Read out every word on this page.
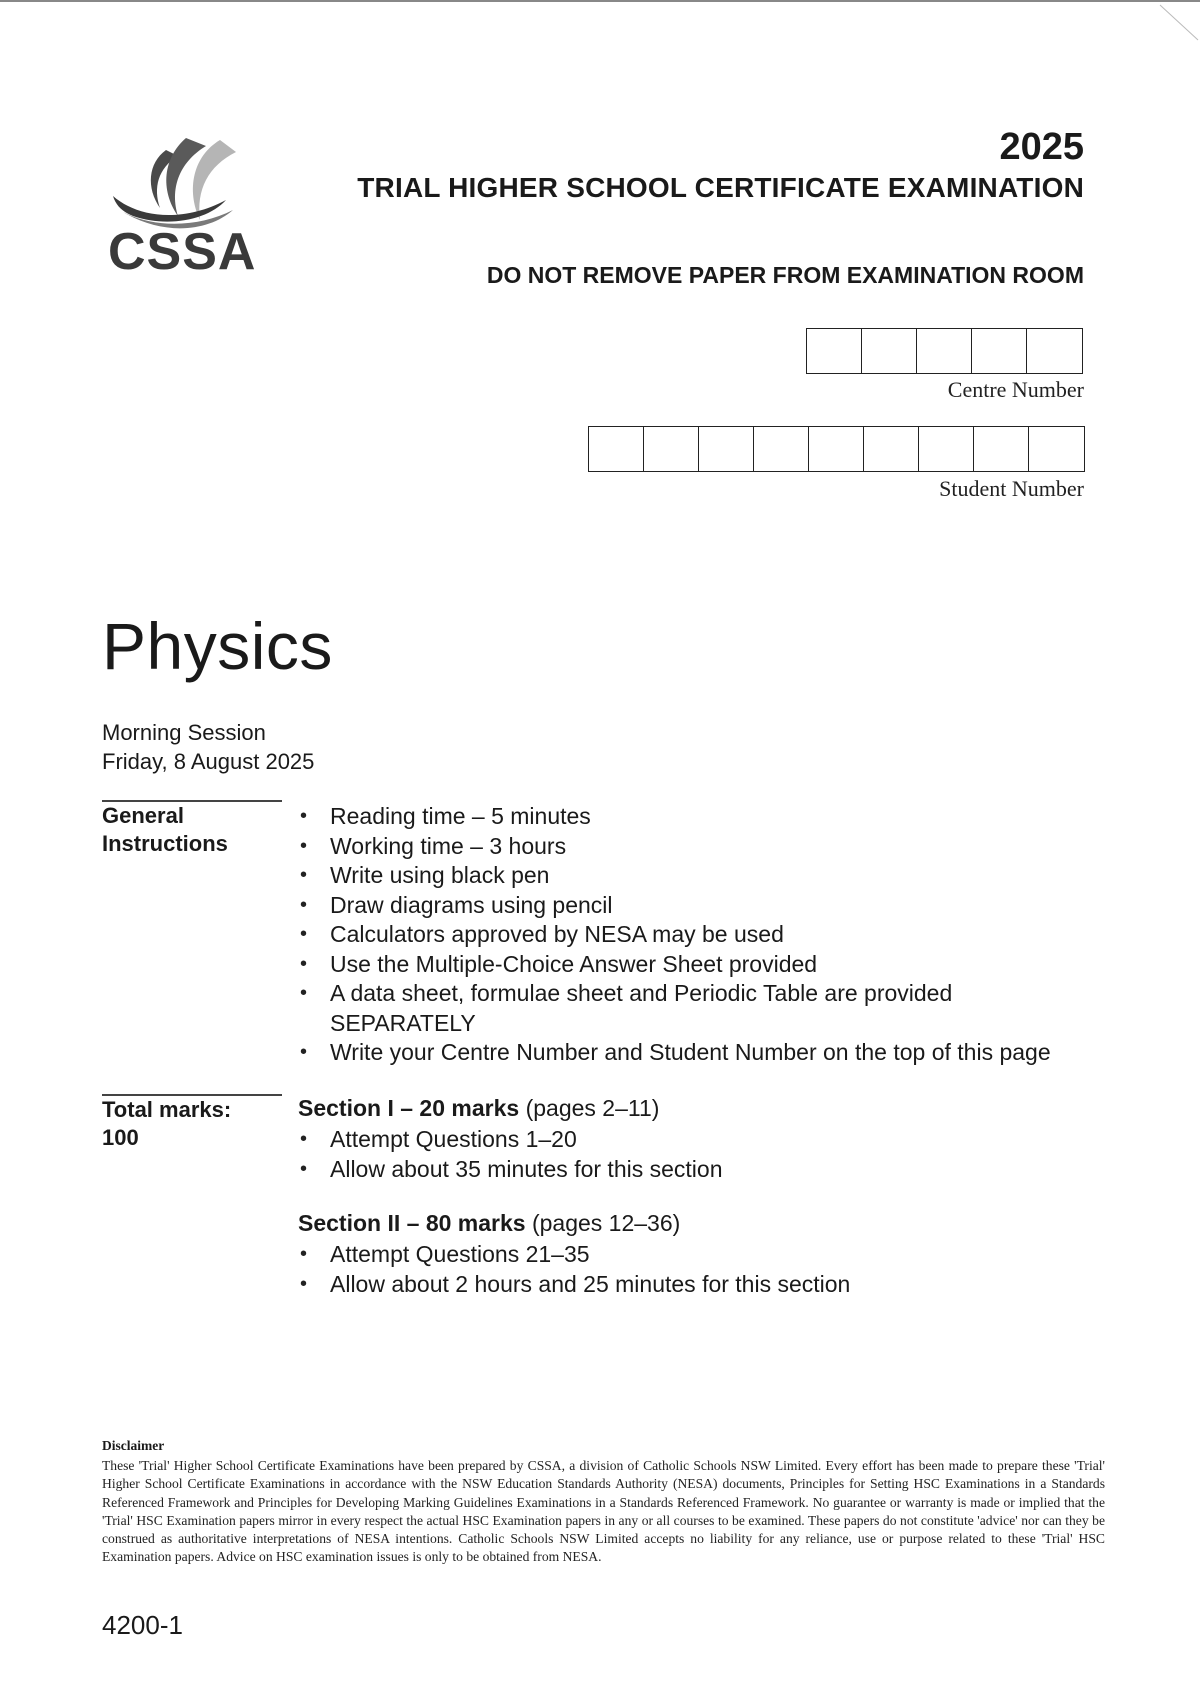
CSSA
2025
TRIAL HIGHER SCHOOL CERTIFICATE EXAMINATION
DO NOT REMOVE PAPER FROM EXAMINATION ROOM
Centre Number
Student Number
Physics
Morning Session
Friday, 8 August 2025
General
Instructions
• Reading time – 5 minutes
• Working time – 3 hours
• Write using black pen
• Draw diagrams using pencil
• Calculators approved by NESA may be used
• Use the Multiple-Choice Answer Sheet provided
• A data sheet, formulae sheet and Periodic Table are provided
SEPARATELY
• Write your Centre Number and Student Number on the top of this page
Total marks:
100
Section I – 20 marks (pages 2–11)
• Attempt Questions 1–20
• Allow about 35 minutes for this section
Section II – 80 marks (pages 12–36)
• Attempt Questions 21–35
• Allow about 2 hours and 25 minutes for this section
Disclaimer
These 'Trial' Higher School Certificate Examinations have been prepared by CSSA, a division of Catholic Schools NSW Limited. Every effort has been made to prepare these 'Trial' Higher School Certificate Examinations in accordance with the NSW Education Standards Authority (NESA) documents, Principles for Setting HSC Examinations in a Standards Referenced Framework and Principles for Developing Marking Guidelines Examinations in a Standards Referenced Framework. No guarantee or warranty is made or implied that the 'Trial' HSC Examination papers mirror in every respect the actual HSC Examination papers in any or all courses to be examined. These papers do not constitute 'advice' nor can they be construed as authoritative interpretations of NESA intentions. Catholic Schools NSW Limited accepts no liability for any reliance, use or purpose related to these 'Trial' HSC Examination papers. Advice on HSC examination issues is only to be obtained from NESA.
4200-1
